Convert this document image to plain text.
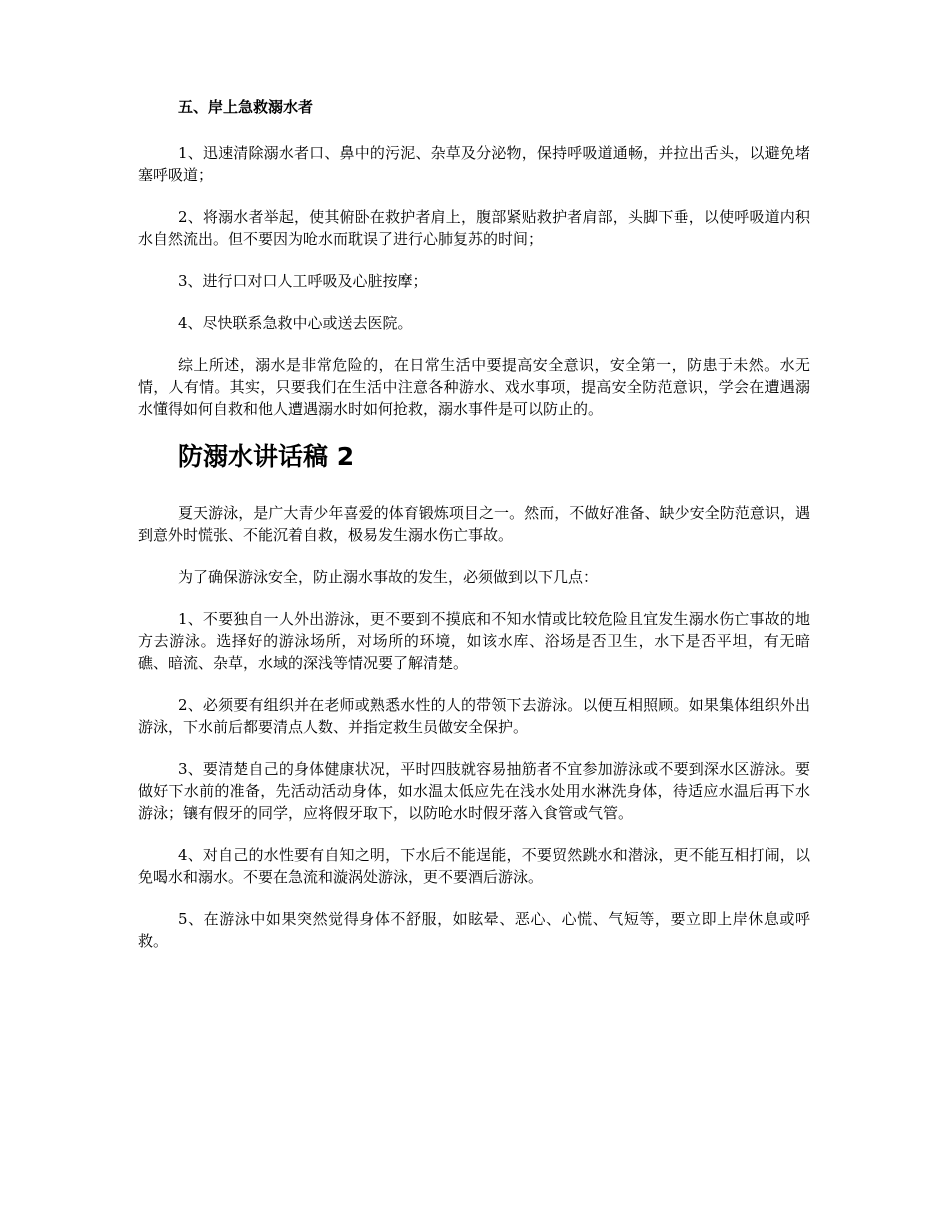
五、岸上急救溺水者

1、迅速清除溺水者口、鼻中的污泥、杂草及分泌物，保持呼吸道通畅，并拉出舌头，以避免堵塞呼吸道；

2、将溺水者举起，使其俯卧在救护者肩上，腹部紧贴救护者肩部，头脚下垂，以使呼吸道内积水自然流出。但不要因为呛水而耽误了进行心肺复苏的时间；

3、进行口对口人工呼吸及心脏按摩；

4、尽快联系急救中心或送去医院。

综上所述，溺水是非常危险的，在日常生活中要提高安全意识，安全第一，防患于未然。水无情，人有情。其实，只要我们在生活中注意各种游水、戏水事项，提高安全防范意识，学会在遭遇溺水懂得如何自救和他人遭遇溺水时如何抢救，溺水事件是可以防止的。

防溺水讲话稿 2

夏天游泳，是广大青少年喜爱的体育锻炼项目之一。然而，不做好准备、缺少安全防范意识，遇到意外时慌张、不能沉着自救，极易发生溺水伤亡事故。

为了确保游泳安全，防止溺水事故的发生，必须做到以下几点：

1、不要独自一人外出游泳，更不要到不摸底和不知水情或比较危险且宜发生溺水伤亡事故的地方去游泳。选择好的游泳场所，对场所的环境，如该水库、浴场是否卫生，水下是否平坦，有无暗礁、暗流、杂草，水域的深浅等情况要了解清楚。

2、必须要有组织并在老师或熟悉水性的人的带领下去游泳。以便互相照顾。如果集体组织外出游泳，下水前后都要清点人数、并指定救生员做安全保护。

3、要清楚自己的身体健康状况，平时四肢就容易抽筋者不宜参加游泳或不要到深水区游泳。要做好下水前的准备，先活动活动身体，如水温太低应先在浅水处用水淋洗身体，待适应水温后再下水游泳；镶有假牙的同学，应将假牙取下，以防呛水时假牙落入食管或气管。

4、对自己的水性要有自知之明，下水后不能逞能，不要贸然跳水和潜泳，更不能互相打闹，以免喝水和溺水。不要在急流和漩涡处游泳，更不要酒后游泳。

5、在游泳中如果突然觉得身体不舒服，如眩晕、恶心、心慌、气短等，要立即上岸休息或呼救。
